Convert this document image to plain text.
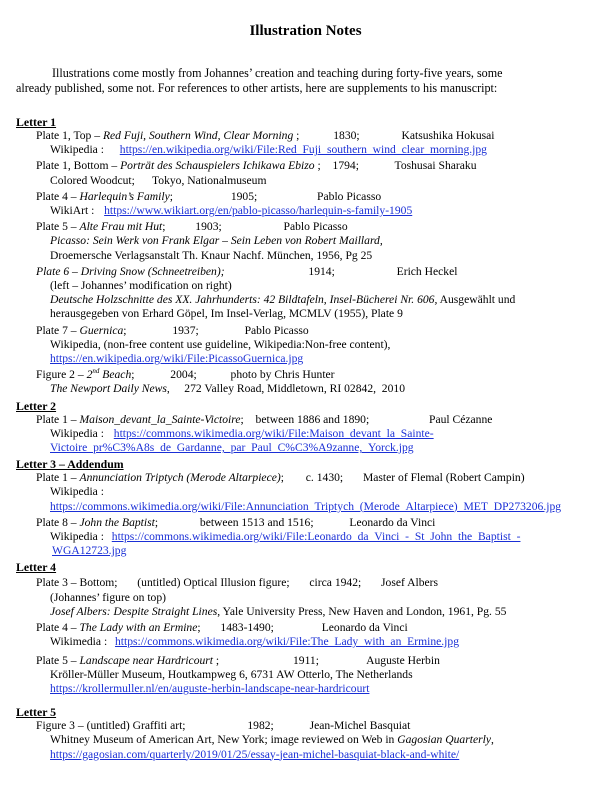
Illustration Notes
Illustrations come mostly from Johannes’ creation and teaching during forty-five years, some
already published, some not. For references to other artists, here are supplements to his manuscript:
Letter 1
Plate 1, Top – Red Fuji, Southern Wind, Clear Morning ;	1830;	Katsushika Hokusai
Wikipedia : https://en.wikipedia.org/wiki/File:Red_Fuji_southern_wind_clear_morning.jpg
Plate 1, Bottom – Porträt des Schauspielers Ichikawa Ebizo ; 1794;	Toshusai Sharaku
Colored Woodcut;      Tokyo, Nationalmuseum
Plate 4 – Harlequin’s Family;	1905;	Pablo Picasso
WikiArt : https://www.wikiart.org/en/pablo-picasso/harlequin-s-family-1905
Plate 5 – Alte Frau mit Hut;	1903;	Pablo Picasso
Picasso: Sein Werk von Frank Elgar – Sein Leben von Robert Maillard,
Droemersche Verlagsanstalt Th. Knaur Nachf. München, 1956, Pg 25
Plate 6 – Driving Snow (Schneetreiben);	1914;	Erich Heckel
(left – Johannes’ modification on right)
Deutsche Holzschnitte des XX. Jahrhunderts: 42 Bildtafeln, Insel-Bücherei Nr. 606, Ausgewählt und
herausgegeben von Erhard Göpel, Im Insel-Verlag, MCMLV (1955), Plate 9
Plate 7 – Guernica;	1937;	Pablo Picasso
Wikipedia, (non-free content use guideline, Wikipedia:Non-free content),
https://en.wikipedia.org/wiki/File:PicassoGuernica.jpg
Figure 2 – 2nd Beach;	2004;	photo by Chris Hunter
The Newport Daily News,     272 Valley Road, Middletown, RI 02842,  2010
Letter 2
Plate 1 – Maison_devant_la_Sainte-Victoire; between 1886 and 1890;	Paul Cézanne
Wikipedia : https://commons.wikimedia.org/wiki/File:Maison_devant_la_Sainte-
Victoire_pr%C3%A8s_de_Gardanne,_par_Paul_C%C3%A9zanne,_Yorck.jpg
Letter 3 – Addendum
Plate 1 – Annunciation Triptych (Merode Altarpiece); c. 1430; Master of Flemal (Robert Campin)
Wikipedia :
https://commons.wikimedia.org/wiki/File:Annunciation_Triptych_(Merode_Altarpiece)_MET_DP273206.jpg
Plate 8 – John the Baptist;	between 1513 and 1516;	Leonardo da Vinci
Wikipedia : https://commons.wikimedia.org/wiki/File:Leonardo_da_Vinci_-_St_John_the_Baptist_-
WGA12723.jpg
Letter 4
Plate 3 – Bottom; (untitled) Optical Illusion figure; circa 1942; Josef Albers
(Johannes’ figure on top)
Josef Albers: Despite Straight Lines, Yale University Press, New Haven and London, 1961, Pg. 55
Plate 4 – The Lady with an Ermine; 1483-1490;	Leonardo da Vinci
Wikimedia : https://commons.wikimedia.org/wiki/File:The_Lady_with_an_Ermine.jpg
Plate 5 – Landscape near Hardricourt ;	1911;	Auguste Herbin
Kröller-Müller Museum, Houtkampweg 6, 6731 AW Otterlo, The Netherlands
https://krollermuller.nl/en/auguste-herbin-landscape-near-hardricourt
Letter 5
Figure 3 – (untitled) Graffiti art;	1982;	Jean-Michel Basquiat
Whitney Museum of American Art, New York; image reviewed on Web in Gagosian Quarterly,
https://gagosian.com/quarterly/2019/01/25/essay-jean-michel-basquiat-black-and-white/
